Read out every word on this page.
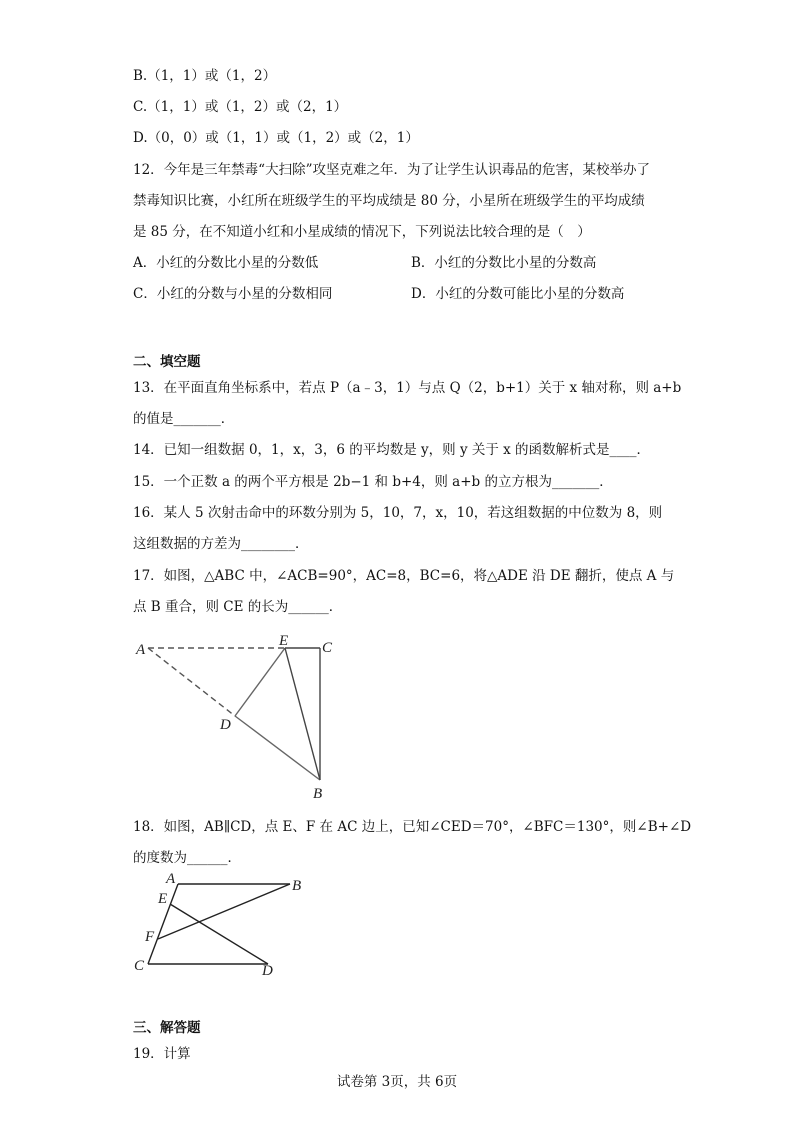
B.（1，1）或（1，2）
C.（1，1）或（1，2）或（2，1）
D.（0，0）或（1，1）或（1，2）或（2，1）
12．今年是三年禁毒“大扫除”攻坚克难之年．为了让学生认识毒品的危害，某校举办了
禁毒知识比赛，小红所在班级学生的平均成绩是 80 分，小星所在班级学生的平均成绩
是 85 分，在不知道小红和小星成绩的情况下，下列说法比较合理的是（　）
A．小红的分数比小星的分数低	B．小红的分数比小星的分数高
C．小红的分数与小星的分数相同	D．小红的分数可能比小星的分数高
二、填空题
13．在平面直角坐标系中，若点 P（a﹣3，1）与点 Q（2，b+1）关于 x 轴对称，则 a+b
的值是_______．
14．已知一组数据 0，1，x，3，6 的平均数是 y，则 y 关于 x 的函数解析式是____．
15．一个正数 a 的两个平方根是 2b−1 和 b+4，则 a+b 的立方根为_______．
16．某人 5 次射击命中的环数分别为 5，10，7，x，10，若这组数据的中位数为 8，则
这组数据的方差为________．
17．如图，△ABC 中，∠ACB=90°，AC=8，BC=6，将△ADE 沿 DE 翻折，使点 A 与
点 B 重合，则 CE 的长为______．
A
E C
D
B
18．如图，AB∥CD，点 E、F 在 AC 边上，已知∠CED＝70°，∠BFC＝130°，则∠B+∠D
的度数为______．
A	B
E
F
C	D
三、解答题
19．计算
试卷第 3页，共 6页
